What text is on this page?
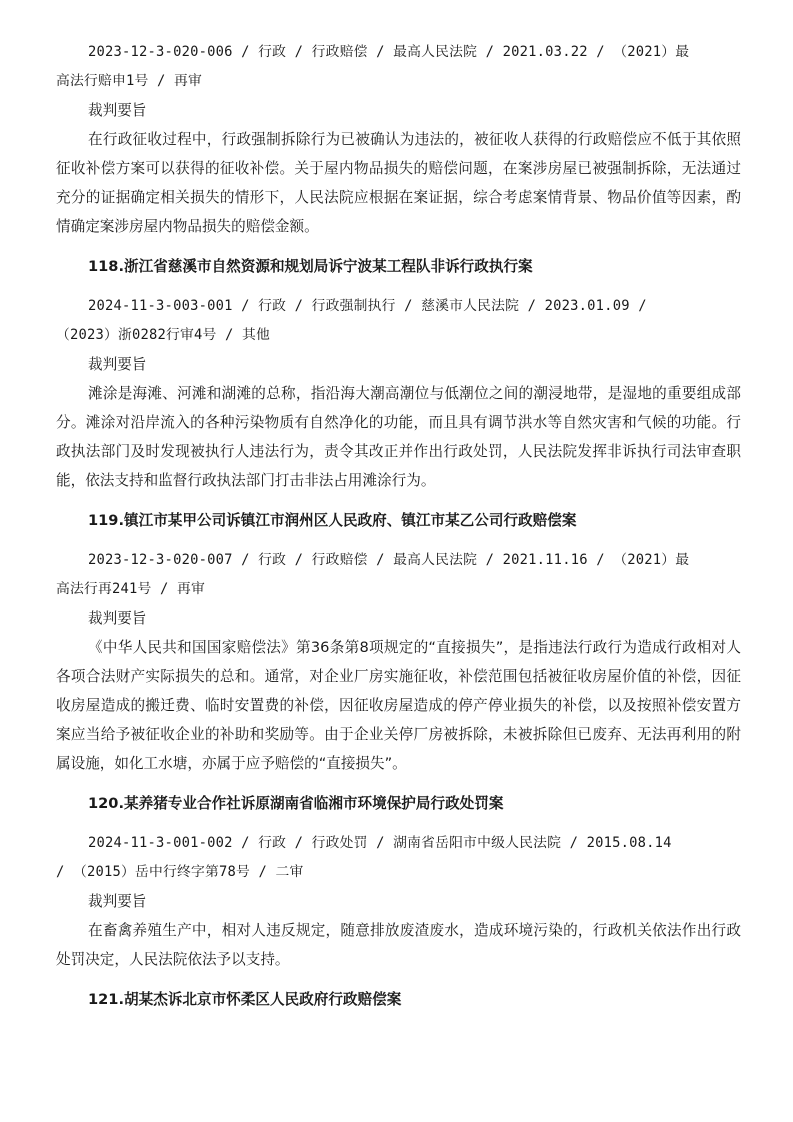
2023-12-3-020-006 / 行政 / 行政赔偿 / 最高人民法院 / 2021.03.22 / （2021）最

高法行赔申1号 / 再审

裁判要旨

在行政征收过程中，行政强制拆除行为已被确认为违法的，被征收人获得的行政赔偿应不低于其依照征收补偿方案可以获得的征收补偿。关于屋内物品损失的赔偿问题，在案涉房屋已被强制拆除，无法通过充分的证据确定相关损失的情形下，人民法院应根据在案证据，综合考虑案情背景、物品价值等因素，酌情确定案涉房屋内物品损失的赔偿金额。

118.浙江省慈溪市自然资源和规划局诉宁波某工程队非诉行政执行案

2024-11-3-003-001 / 行政 / 行政强制执行 / 慈溪市人民法院 / 2023.01.09 /

（2023）浙0282行审4号 / 其他

裁判要旨

滩涂是海滩、河滩和湖滩的总称，指沿海大潮高潮位与低潮位之间的潮浸地带，是湿地的重要组成部分。滩涂对沿岸流入的各种污染物质有自然净化的功能，而且具有调节洪水等自然灾害和气候的功能。行政执法部门及时发现被执行人违法行为，责令其改正并作出行政处罚，人民法院发挥非诉执行司法审查职能，依法支持和监督行政执法部门打击非法占用滩涂行为。

119.镇江市某甲公司诉镇江市润州区人民政府、镇江市某乙公司行政赔偿案

2023-12-3-020-007 / 行政 / 行政赔偿 / 最高人民法院 / 2021.11.16 / （2021）最

高法行再241号 / 再审

裁判要旨

《中华人民共和国国家赔偿法》第36条第8项规定的“直接损失”，是指违法行政行为造成行政相对人各项合法财产实际损失的总和。通常，对企业厂房实施征收，补偿范围包括被征收房屋价值的补偿，因征收房屋造成的搬迁费、临时安置费的补偿，因征收房屋造成的停产停业损失的补偿，以及按照补偿安置方案应当给予被征收企业的补助和奖励等。由于企业关停厂房被拆除，未被拆除但已废弃、无法再利用的附属设施，如化工水塘，亦属于应予赔偿的“直接损失”。

120.某养猪专业合作社诉原湖南省临湘市环境保护局行政处罚案

2024-11-3-001-002 / 行政 / 行政处罚 / 湖南省岳阳市中级人民法院 / 2015.08.14

/ （2015）岳中行终字第78号 / 二审

裁判要旨

在畜禽养殖生产中，相对人违反规定，随意排放废渣废水，造成环境污染的，行政机关依法作出行政处罚决定，人民法院依法予以支持。

121.胡某杰诉北京市怀柔区人民政府行政赔偿案
